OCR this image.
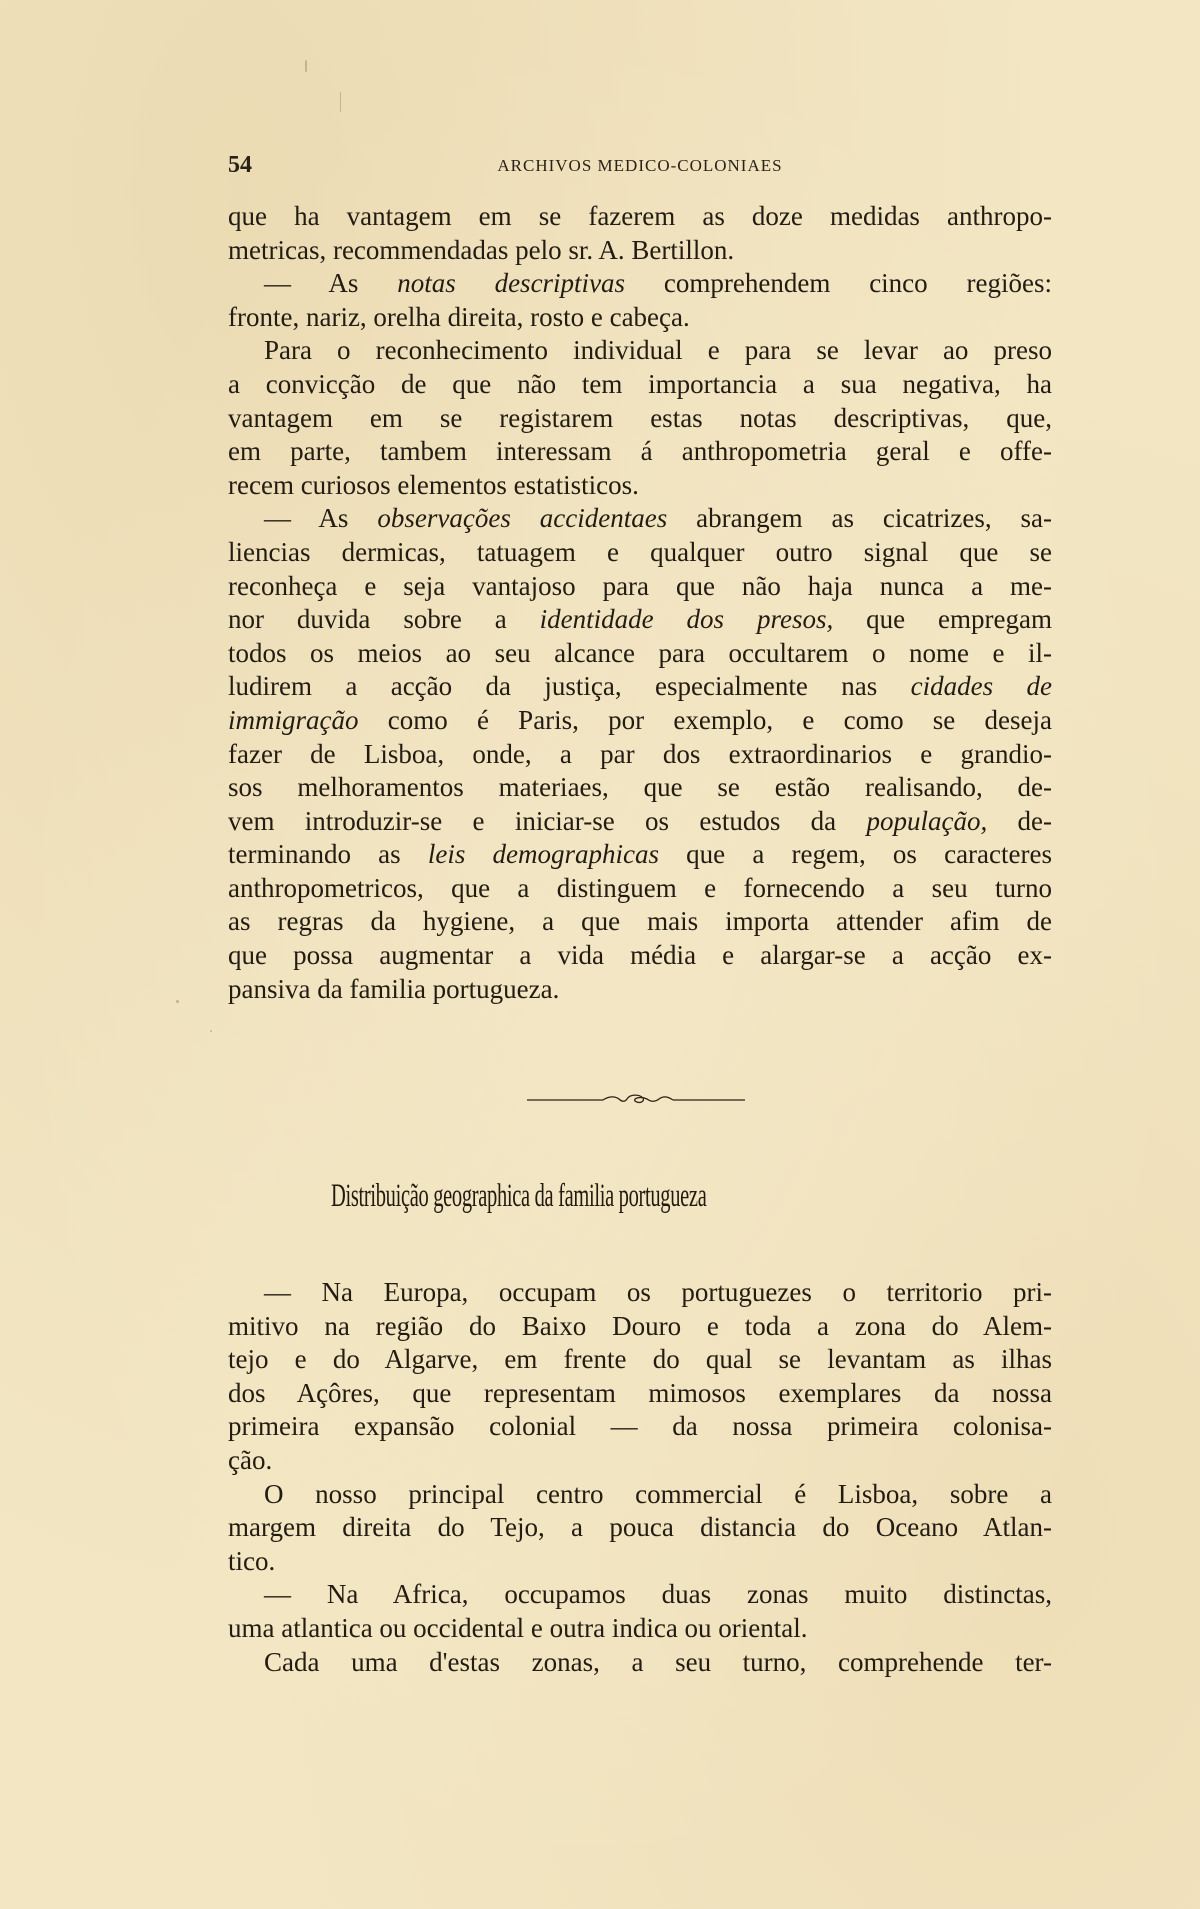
54	ARCHIVOS MEDICO-COLONIAES
que ha vantagem em se fazerem as doze medidas anthropo-
metricas, recommendadas pelo sr. A. Bertillon.
— As notas descriptivas comprehendem cinco regiões:
fronte, nariz, orelha direita, rosto e cabeça.
Para o reconhecimento individual e para se levar ao preso
a convicção de que não tem importancia a sua negativa, ha
vantagem em se registarem estas notas descriptivas, que,
em parte, tambem interessam á anthropometria geral e offe-
recem curiosos elementos estatisticos.
— As observações accidentaes abrangem as cicatrizes, sa-
liencias dermicas, tatuagem e qualquer outro signal que se
reconheça e seja vantajoso para que não haja nunca a me-
nor duvida sobre a identidade dos presos, que empregam
todos os meios ao seu alcance para occultarem o nome e il-
ludirem a acção da justiça, especialmente nas cidades de
immigração como é Paris, por exemplo, e como se deseja
fazer de Lisboa, onde, a par dos extraordinarios e grandio-
sos melhoramentos materiaes, que se estão realisando, de-
vem introduzir-se e iniciar-se os estudos da população, de-
terminando as leis demographicas que a regem, os caracteres
anthropometricos, que a distinguem e fornecendo a seu turno
as regras da hygiene, a que mais importa attender afim de
que possa augmentar a vida média e alargar-se a acção ex-
pansiva da familia portugueza.
Distribuição geographica da familia portugueza
— Na Europa, occupam os portuguezes o territorio pri-
mitivo na região do Baixo Douro e toda a zona do Alem-
tejo e do Algarve, em frente do qual se levantam as ilhas
dos Açôres, que representam mimosos exemplares da nossa
primeira expansão colonial — da nossa primeira colonisa-
ção.
O nosso principal centro commercial é Lisboa, sobre a
margem direita do Tejo, a pouca distancia do Oceano Atlan-
tico.
— Na Africa, occupamos duas zonas muito distinctas,
uma atlantica ou occidental e outra indica ou oriental.
Cada uma d'estas zonas, a seu turno, comprehende ter-
